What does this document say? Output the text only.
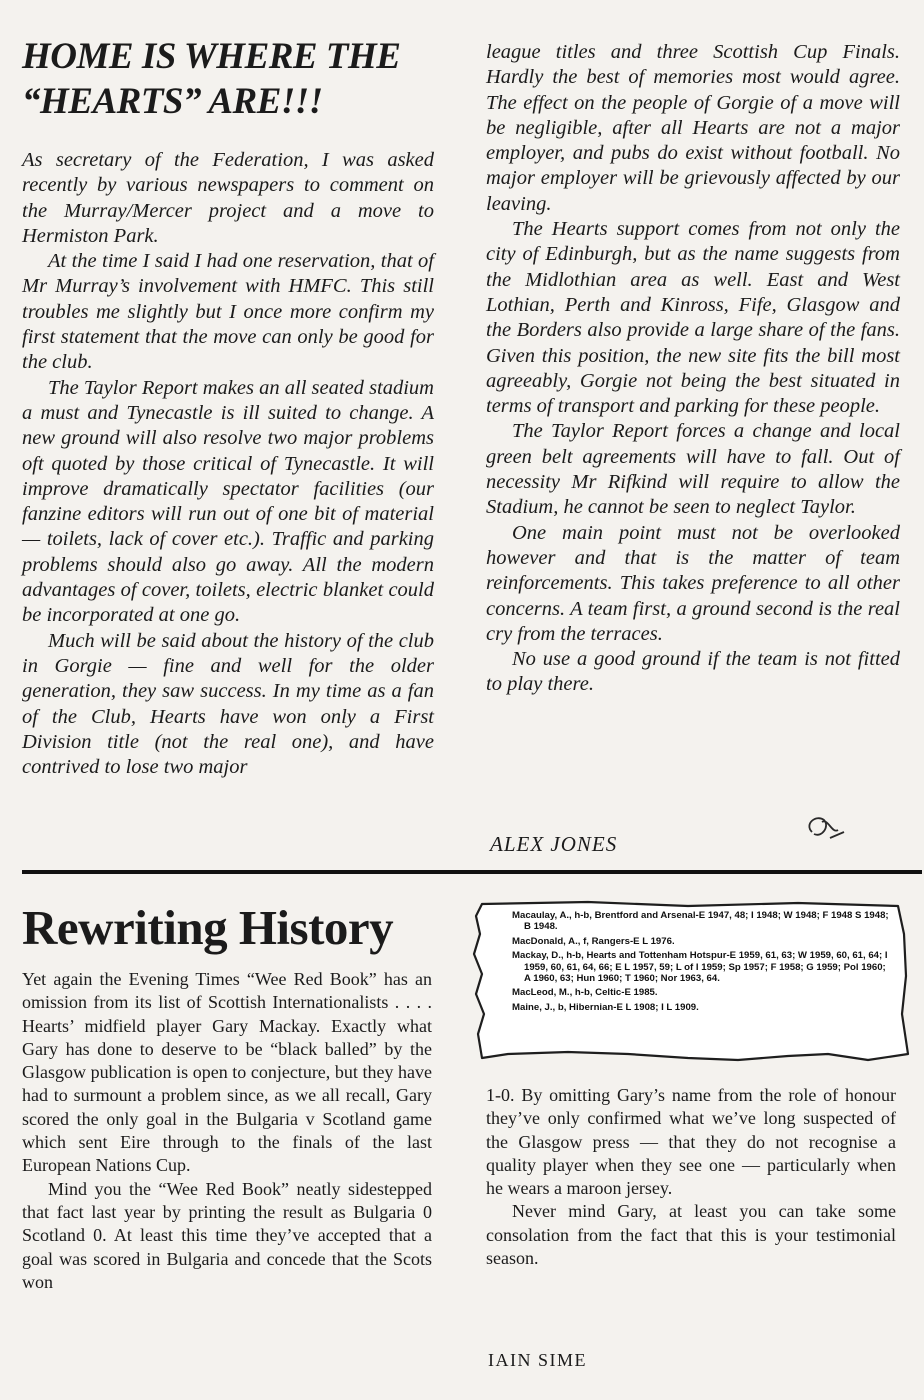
HOME IS WHERE THE
“HEARTS” ARE!!!

As secretary of the Federation, I was asked recently by various newspapers to comment on the Murray/Mercer project and a move to Hermiston Park.

At the time I said I had one reservation, that of Mr Murray’s involvement with HMFC. This still troubles me slightly but I once more confirm my first statement that the move can only be good for the club.

The Taylor Report makes an all seated stadium a must and Tynecastle is ill suited to change. A new ground will also resolve two major problems oft quoted by those critical of Tynecastle. It will improve dramatically spectator facilities (our fanzine editors will run out of one bit of material — toilets, lack of cover etc.). Traffic and parking problems should also go away. All the modern advantages of cover, toilets, electric blanket could be incorporated at one go.

Much will be said about the history of the club in Gorgie — fine and well for the older generation, they saw success. In my time as a fan of the Club, Hearts have won only a First Division title (not the real one), and have contrived to lose two major

league titles and three Scottish Cup Finals. Hardly the best of memories most would agree. The effect on the people of Gorgie of a move will be negligible, after all Hearts are not a major employer, and pubs do exist without football. No major employer will be grievously affected by our leaving.

The Hearts support comes from not only the city of Edinburgh, but as the name suggests from the Midlothian area as well. East and West Lothian, Perth and Kinross, Fife, Glasgow and the Borders also provide a large share of the fans. Given this position, the new site fits the bill most agreeably, Gorgie not being the best situated in terms of transport and parking for these people.

The Taylor Report forces a change and local green belt agreements will have to fall. Out of necessity Mr Rifkind will require to allow the Stadium, he cannot be seen to neglect Taylor.

One main point must not be overlooked however and that is the matter of team reinforcements. This takes preference to all other concerns. A team first, a ground second is the real cry from the terraces.

No use a good ground if the team is not fitted to play there.

ALEX JONES
Rewriting History

Yet again the Evening Times “Wee Red Book” has an omission from its list of Scottish Internationalists . . . . Hearts’ midfield player Gary Mackay. Exactly what Gary has done to deserve to be “black balled” by the Glasgow publication is open to conjecture, but they have had to surmount a problem since, as we all recall, Gary scored the only goal in the Bulgaria v Scotland game which sent Eire through to the finals of the last European Nations Cup.

Mind you the “Wee Red Book” neatly sidestepped that fact last year by printing the result as Bulgaria 0 Scotland 0. At least this time they’ve accepted that a goal was scored in Bulgaria and concede that the Scots won

Macaulay, A., h-b, Brentford and Arsenal-E 1947, 48; I 1948; W 1948; F 1948 S 1948; B 1948.

MacDonald, A., f, Rangers-E L 1976.

Mackay, D., h-b, Hearts and Tottenham Hotspur-E 1959, 61, 63; W 1959, 60, 61, 64; I 1959, 60, 61, 64, 66; E L 1957, 59; L of I 1959; Sp 1957; F 1958; G 1959; Pol 1960; A 1960, 63; Hun 1960; T 1960; Nor 1963, 64.

MacLeod, M., h-b, Celtic-E 1985.

Maine, J., b, Hibernian-E L 1908; I L 1909.

1-0. By omitting Gary’s name from the role of honour they’ve only confirmed what we’ve long suspected of the Glasgow press — that they do not recognise a quality player when they see one — particularly when he wears a maroon jersey.

Never mind Gary, at least you can take some consolation from the fact that this is your testimonial season.

IAIN SIME
